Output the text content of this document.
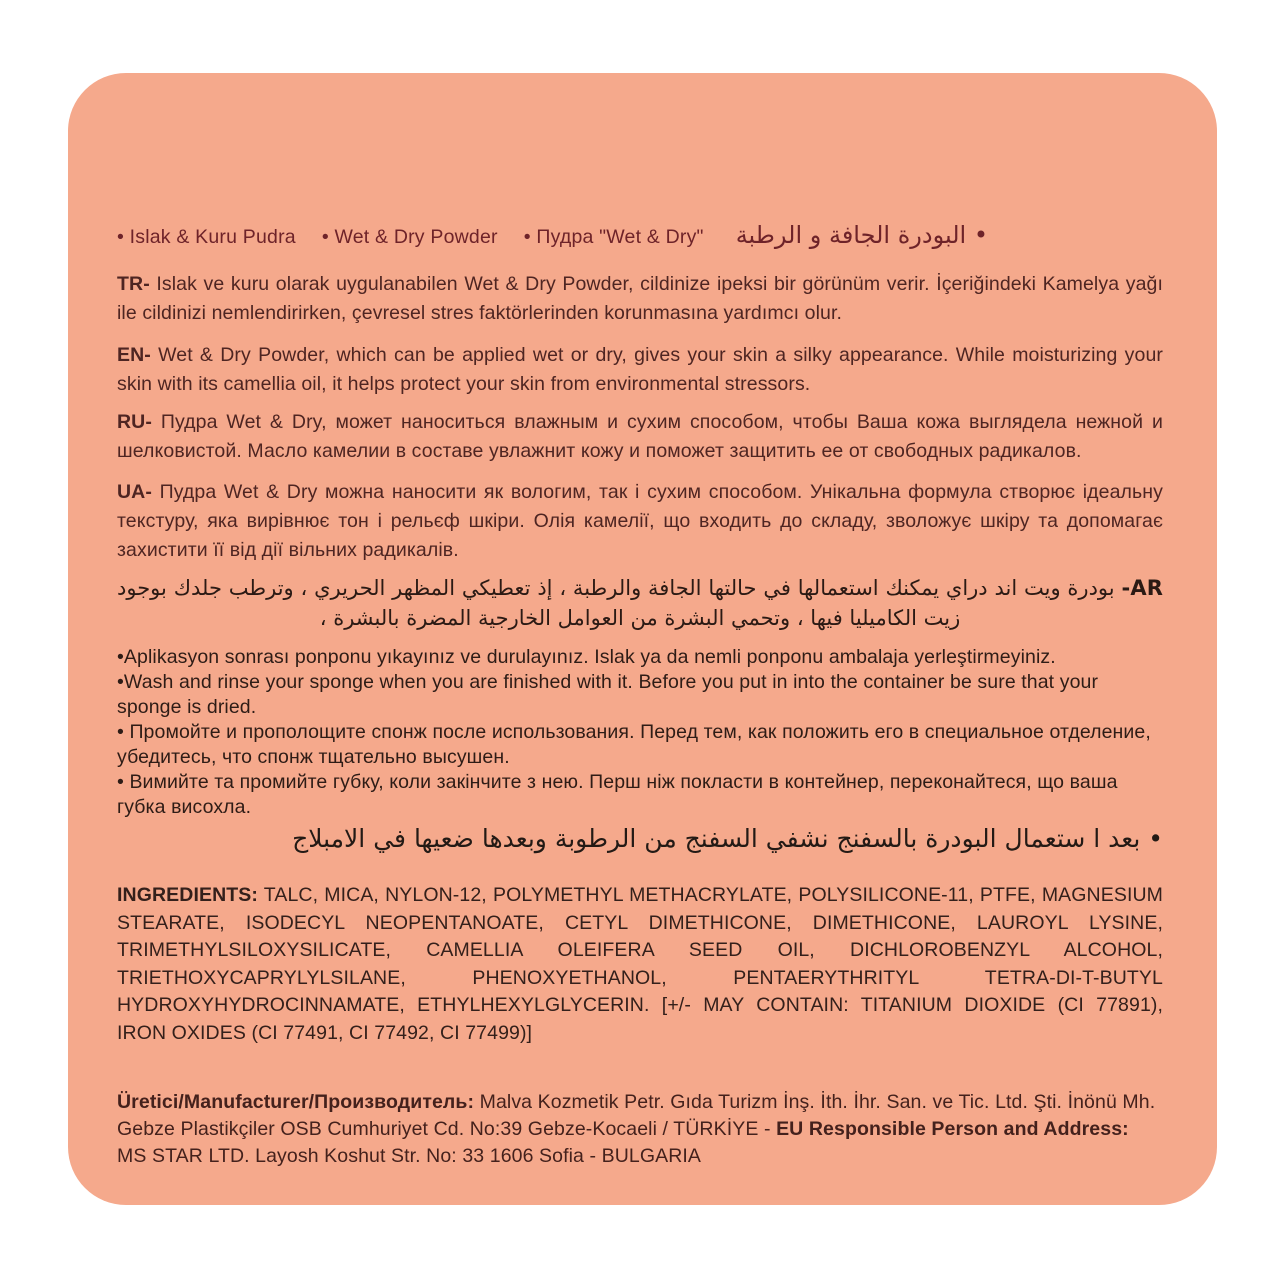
• Islak & Kuru Pudra • Wet & Dry Powder • Пудра "Wet & Dry" • البودرة الجافة و الرطبة

TR- Islak ve kuru olarak uygulanabilen Wet & Dry Powder, cildinize ipeksi bir görünüm verir. İçeriğindeki Kamelya yağı ile cildinizi nemlendirirken, çevresel stres faktörlerinden korunmasına yardımcı olur.

EN- Wet & Dry Powder, which can be applied wet or dry, gives your skin a silky appearance. While moisturizing your skin with its camellia oil, it helps protect your skin from environmental stressors.

RU- Пудра Wet & Dry, может наноситься влажным и сухим способом, чтобы Ваша кожа выглядела нежной и шелковистой. Масло камелии в составе увлажнит кожу и поможет защитить ее от свободных радикалов.

UA- Пудра Wet & Dry можна наносити як вологим, так і сухим способом. Унікальна формула створює ідеальну текстуру, яка вирівнює тон і рельєф шкіри. Олія камелії, що входить до складу, зволожує шкіру та допомагає захистити її від дії вільних радикалів.

AR- بودرة ويت اند دراي يمكنك استعمالها في حالتها الجافة والرطبة ، إذ تعطيكي المظهر الحريري ، وترطب جلدك بوجود زيت الكاميليا فيها ، وتحمي البشرة من العوامل الخارجية المضرة بالبشرة ،

•Aplikasyon sonrası ponponu yıkayınız ve durulayınız. Islak ya da nemli ponponu ambalaja yerleştirmeyiniz.

•Wash and rinse your sponge when you are finished with it. Before you put in into the container be sure that your sponge is dried.

• Промойте и прополощите спонж после использования. Перед тем, как положить его в специальное отделение, убедитесь, что спонж тщательно высушен.

• Вимийте та промийте губку, коли закінчите з нею. Перш ніж покласти в контейнер, переконайтеся, що ваша губка висохла.

• بعد ا ستعمال البودرة بالسفنج نشفي السفنج من الرطوبة وبعدها ضعيها في الامبلاج

INGREDIENTS: TALC, MICA, NYLON-12, POLYMETHYL METHACRYLATE, POLYSILICONE-11, PTFE, MAGNESIUM STEARATE, ISODECYL NEOPENTANOATE, CETYL DIMETHICONE, DIMETHICONE, LAUROYL LYSINE, TRIMETHYLSILOXYSILICATE, CAMELLIA OLEIFERA SEED OIL, DICHLOROBENZYL ALCOHOL, TRIETHOXYCAPRYLYLSILANE, PHENOXYETHANOL, PENTAERYTHRITYL TETRA-DI-T-BUTYL HYDROXYHYDROCINNAMATE, ETHYLHEXYLGLYCERIN. [+/- MAY CONTAIN: TITANIUM DIOXIDE (CI 77891), IRON OXIDES (CI 77491, CI 77492, CI 77499)]

Üretici/Manufacturer/Производитель: Malva Kozmetik Petr. Gıda Turizm İnş. İth. İhr. San. ve Tic. Ltd. Şti. İnönü Mh. Gebze Plastikçiler OSB Cumhuriyet Cd. No:39 Gebze-Kocaeli / TÜRKİYE - EU Responsible Person and Address: MS STAR LTD. Layosh Koshut Str. No: 33 1606 Sofia - BULGARIA
